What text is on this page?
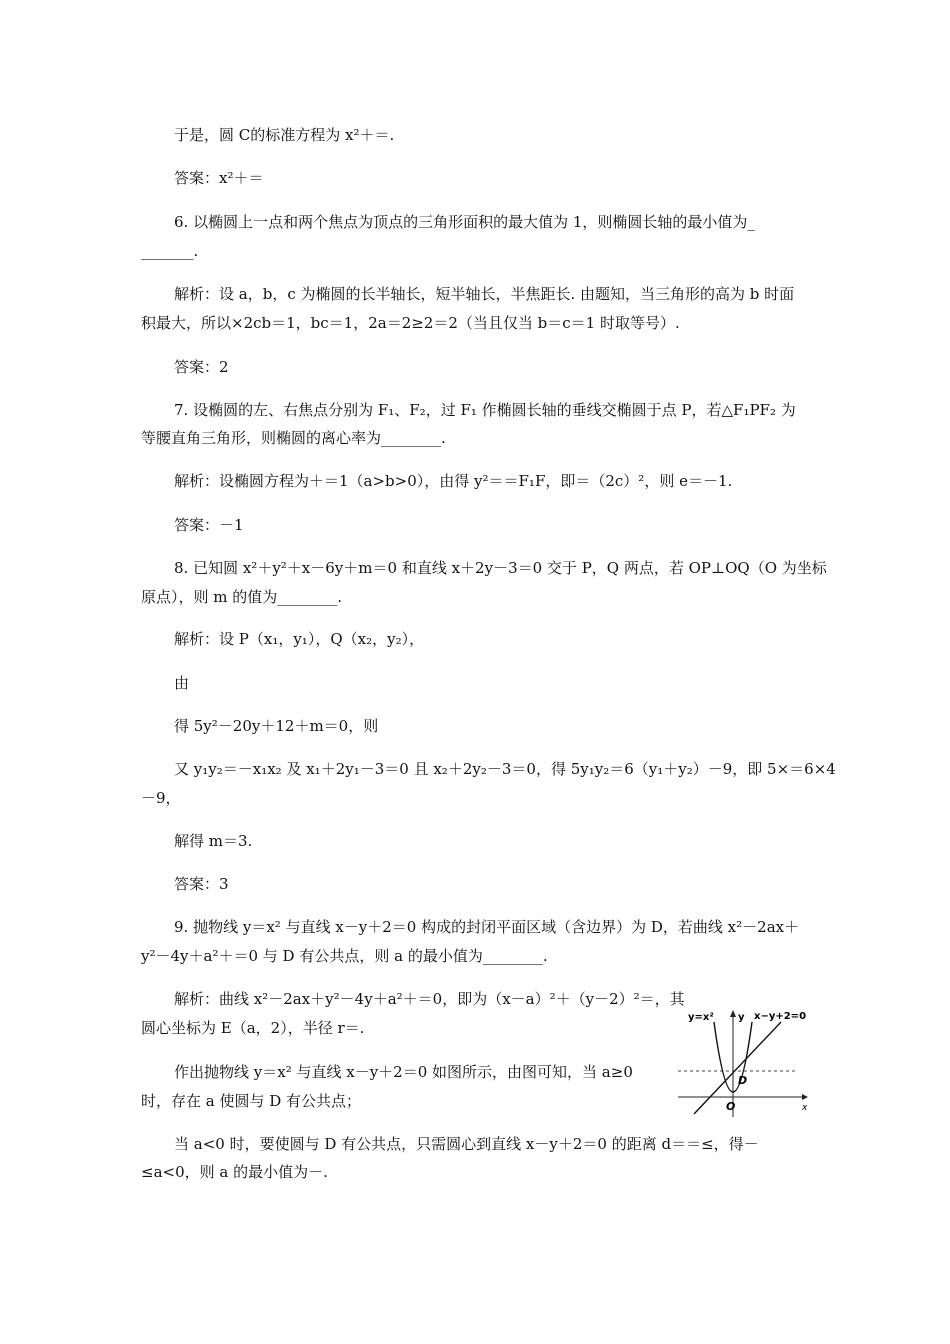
于是，圆 C的标准方程为 x²＋＝.
答案：x²＋＝
6. 以椭圆上一点和两个焦点为顶点的三角形面积的最大值为 1，则椭圆长轴的最小值为_
_______.
解析：设 a，b，c 为椭圆的长半轴长，短半轴长，半焦距长. 由题知，当三角形的高为 b 时面
积最大，所以×2cb＝1，bc＝1，2a＝2≥2＝2（当且仅当 b＝c＝1 时取等号）.
答案：2
7. 设椭圆的左、右焦点分别为 F₁、F₂，过 F₁ 作椭圆长轴的垂线交椭圆于点 P，若△F₁PF₂ 为
等腰直角三角形，则椭圆的离心率为________.
解析：设椭圆方程为＋＝1（a>b>0），由得 y²＝＝F₁F，即＝（2c）²，则 e＝－1.
答案：－1
8. 已知圆 x²＋y²＋x－6y＋m＝0 和直线 x＋2y－3＝0 交于 P，Q 两点，若 OP⊥OQ（O 为坐标
原点），则 m 的值为________.
解析：设 P（x₁，y₁），Q（x₂，y₂），
由
得 5y²－20y＋12＋m＝0，则
又 y₁y₂＝－x₁x₂ 及 x₁＋2y₁－3＝0 且 x₂＋2y₂－3＝0，得 5y₁y₂＝6（y₁＋y₂）－9，即 5×＝6×4
－9，
解得 m＝3.
答案：3
9. 抛物线 y＝x² 与直线 x－y＋2＝0 构成的封闭平面区域（含边界）为 D，若曲线 x²－2ax＋
y²－4y＋a²＋＝0 与 D 有公共点，则 a 的最小值为________.
解析：曲线 x²－2ax＋y²－4y＋a²＋＝0，即为（x－a）²＋（y－2）²＝，其
圆心坐标为 E（a，2），半径 r＝.
作出抛物线 y＝x² 与直线 x－y＋2＝0 如图所示，由图可知，当 a≥0
时，存在 a 使圆与 D 有公共点；
当 a<0 时，要使圆与 D 有公共点，只需圆心到直线 x－y＋2＝0 的距离 d＝＝≤，得－
≤a<0，则 a 的最小值为－.
y=x² y x−y+2=0
D
O	x
